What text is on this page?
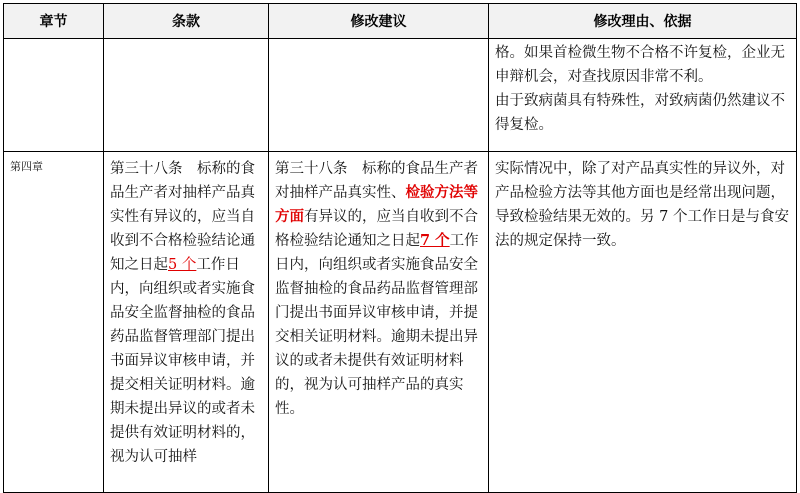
章节	条款	修改建议	修改理由、依据

			格。如果首检微生物不合格不许复检，企业无申辩机会，对查找原因非常不利。
由于致病菌具有特殊性，对致病菌仍然建议不得复检。

第四章	第三十八条　标称的食品生产者对抽样产品真实性有异议的，应当自收到不合格检验结论通知之日起5 个工作日内，向组织或者实施食品安全监督抽检的食品药品监督管理部门提出书面异议审核申请，并提交相关证明材料。逾期未提出异议的或者未提供有效证明材料的，视为认可抽样	第三十八条　标称的食品生产者对抽样产品真实性、检验方法等方面有异议的，应当自收到不合格检验结论通知之日起7 个工作日内，向组织或者实施食品安全监督抽检的食品药品监督管理部门提出书面异议审核申请，并提交相关证明材料。逾期未提出异议的或者未提供有效证明材料的，视为认可抽样产品的真实性。	实际情况中，除了对产品真实性的异议外，对产品检验方法等其他方面也是经常出现问题，导致检验结果无效的。另 7 个工作日是与食安法的规定保持一致。
